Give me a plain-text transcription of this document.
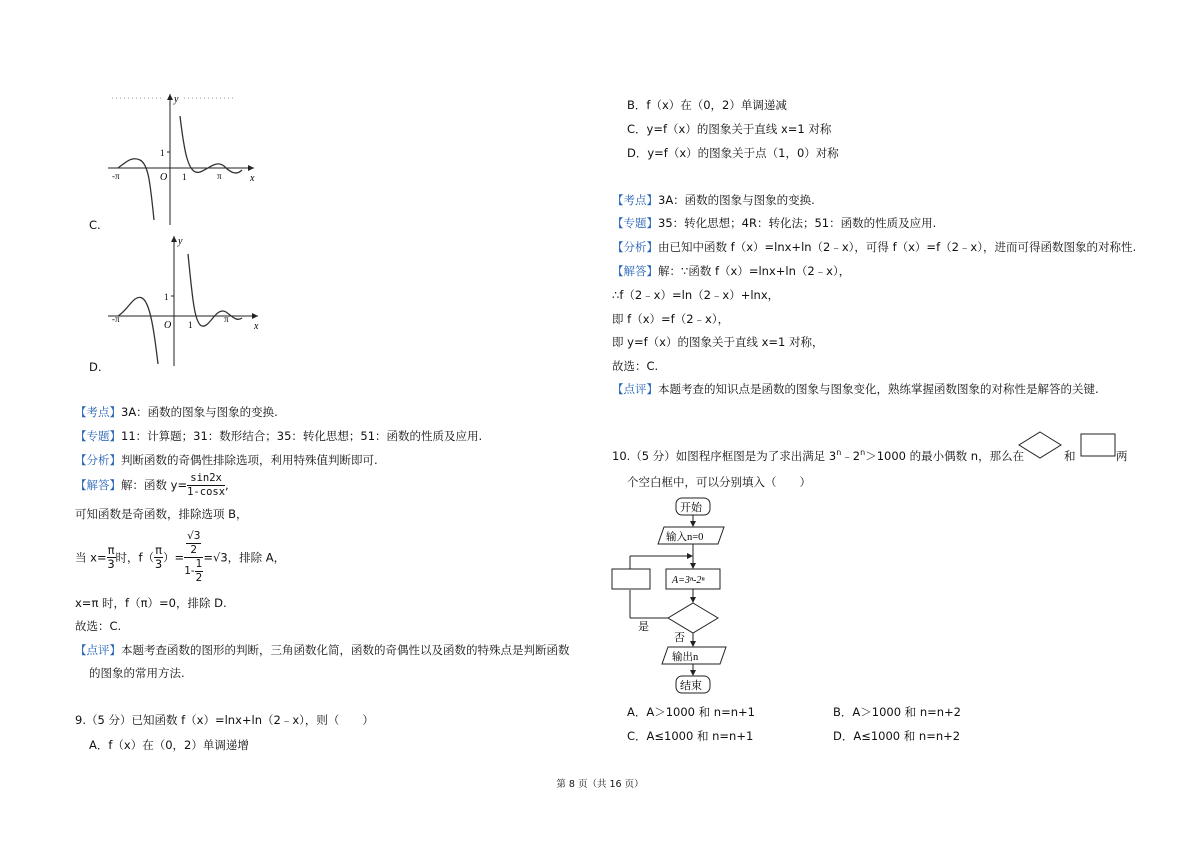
y
x
-π	π
O 1
1
C.
y
x
-π	π
O 1
1
D.
【考点】3A：函数的图象与图象的变换.
【专题】11：计算题；31：数形结合；35：转化思想；51：函数的性质及应用.
【分析】判断函数的奇偶性排除选项，利用特殊值判断即可.
【解答】解：函数 $y= \frac{\sin 2x}{1-\cos x}$ ,
可知函数是奇函数，排除选项 B，
当 $x= \frac{\pi}{3}$ 时，$f( \frac{\pi}{3}$ ）= $\frac{\frac{√3}{2}}{1- \frac{1}{2}} =√3$，排除 A，
x=π 时，f（π）=0，排除 D.
故选：C.
【点评】本题考查函数的图形的判断，三角函数化简，函数的奇偶性以及函数的特殊点是判断函数
的图象的常用方法.
9.（5 分）已知函数 f（x）=lnx+ln（2﹣x），则（　　）
A．f（x）在（0，2）单调递增
B．f（x）在（0，2）单调递减
C．y=f（x）的图象关于直线 x=1 对称
D．y=f（x）的图象关于点（1，0）对称
【考点】3A：函数的图象与图象的变换.
【专题】35：转化思想；4R：转化法；51：函数的性质及应用.
【分析】由已知中函数 f（x）=lnx+ln（2﹣x），可得 f（x）=f（2﹣x），进而可得函数图象的对称性.
【解答】解：∵函数 f（x）=lnx+ln（2﹣x），
∴f（2﹣x）=ln（2﹣x）+lnx，
即 f（x）=f（2﹣x），
即 y=f（x）的图象关于直线 x=1 对称，
故选：C.
【点评】本题考查的知识点是函数的图象与图象变化，熟练掌握函数图象的对称性是解答的关键.
10.（5 分）如图程序框图是为了求出满足 $3^n﹣2^n>1000$ 的最小偶数 n，那么在	和	两
个空白框中，可以分别填入（　　）
开始
输入n=0
A=3ⁿ-2ⁿ
是
否
输出n
结束
A．A＞1000 和 n=n+1	B．A＞1000 和 n=n+2
C．A≤1000 和 n=n+1	D．A≤1000 和 n=n+2
第 8 页（共 16 页）
